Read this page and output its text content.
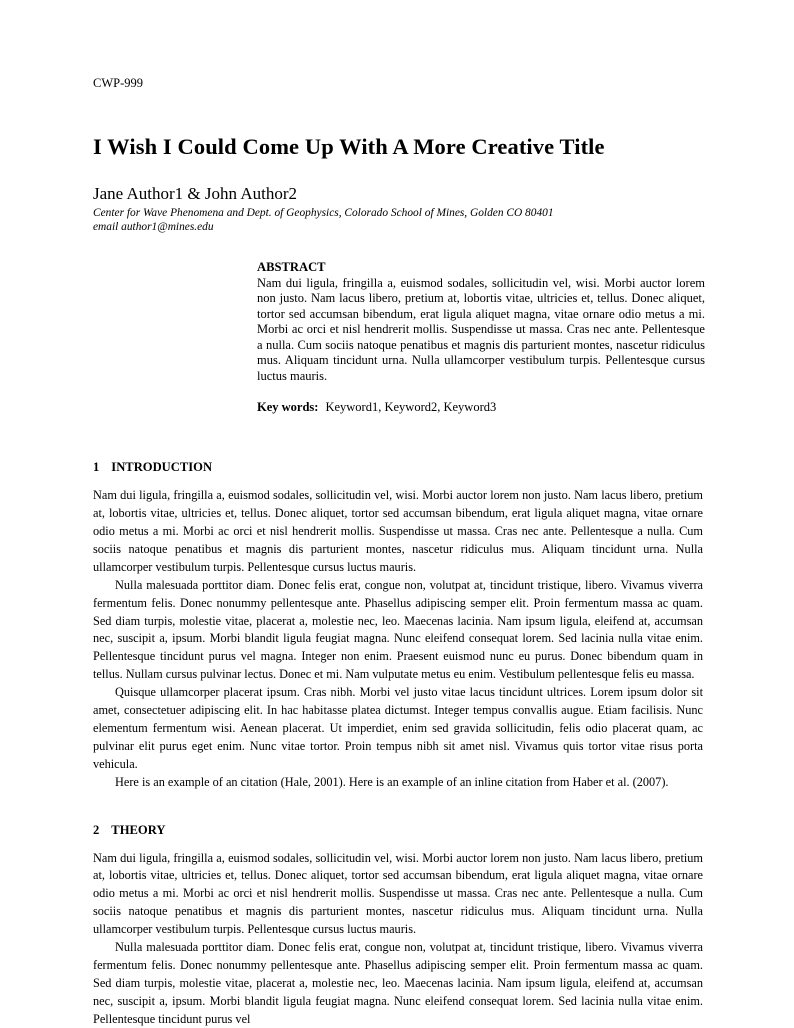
CWP-999
I Wish I Could Come Up With A More Creative Title
Jane Author1 & John Author2
Center for Wave Phenomena and Dept. of Geophysics, Colorado School of Mines, Golden CO 80401
email author1@mines.edu
ABSTRACT

Nam dui ligula, fringilla a, euismod sodales, sollicitudin vel, wisi. Morbi auctor lorem non justo. Nam lacus libero, pretium at, lobortis vitae, ultricies et, tellus. Donec aliquet, tortor sed accumsan bibendum, erat ligula aliquet magna, vitae ornare odio metus a mi. Morbi ac orci et nisl hendrerit mollis. Suspendisse ut massa. Cras nec ante. Pellentesque a nulla. Cum sociis natoque penatibus et magnis dis parturient montes, nascetur ridiculus mus. Aliquam tincidunt urna. Nulla ullamcorper vestibulum turpis. Pellentesque cursus luctus mauris.

Key words: Keyword1, Keyword2, Keyword3
1 INTRODUCTION

Nam dui ligula, fringilla a, euismod sodales, sollicitudin vel, wisi. Morbi auctor lorem non justo. Nam lacus libero, pretium at, lobortis vitae, ultricies et, tellus. Donec aliquet, tortor sed accumsan bibendum, erat ligula aliquet magna, vitae ornare odio metus a mi. Morbi ac orci et nisl hendrerit mollis. Suspendisse ut massa. Cras nec ante. Pellentesque a nulla. Cum sociis natoque penatibus et magnis dis parturient montes, nascetur ridiculus mus. Aliquam tincidunt urna. Nulla ullamcorper vestibulum turpis. Pellentesque cursus luctus mauris.

Nulla malesuada porttitor diam. Donec felis erat, congue non, volutpat at, tincidunt tristique, libero. Vivamus viverra fermentum felis. Donec nonummy pellentesque ante. Phasellus adipiscing semper elit. Proin fermentum massa ac quam. Sed diam turpis, molestie vitae, placerat a, molestie nec, leo. Maecenas lacinia. Nam ipsum ligula, eleifend at, accumsan nec, suscipit a, ipsum. Morbi blandit ligula feugiat magna. Nunc eleifend consequat lorem. Sed lacinia nulla vitae enim. Pellentesque tincidunt purus vel magna. Integer non enim. Praesent euismod nunc eu purus. Donec bibendum quam in tellus. Nullam cursus pulvinar lectus. Donec et mi. Nam vulputate metus eu enim. Vestibulum pellentesque felis eu massa.

Quisque ullamcorper placerat ipsum. Cras nibh. Morbi vel justo vitae lacus tincidunt ultrices. Lorem ipsum dolor sit amet, consectetuer adipiscing elit. In hac habitasse platea dictumst. Integer tempus convallis augue. Etiam facilisis. Nunc elementum fermentum wisi. Aenean placerat. Ut imperdiet, enim sed gravida sollicitudin, felis odio placerat quam, ac pulvinar elit purus eget enim. Nunc vitae tortor. Proin tempus nibh sit amet nisl. Vivamus quis tortor vitae risus porta vehicula.

Here is an example of an citation (Hale, 2001). Here is an example of an inline citation from Haber et al. (2007).

2 THEORY

Nam dui ligula, fringilla a, euismod sodales, sollicitudin vel, wisi. Morbi auctor lorem non justo. Nam lacus libero, pretium at, lobortis vitae, ultricies et, tellus. Donec aliquet, tortor sed accumsan bibendum, erat ligula aliquet magna, vitae ornare odio metus a mi. Morbi ac orci et nisl hendrerit mollis. Suspendisse ut massa. Cras nec ante. Pellentesque a nulla. Cum sociis natoque penatibus et magnis dis parturient montes, nascetur ridiculus mus. Aliquam tincidunt urna. Nulla ullamcorper vestibulum turpis. Pellentesque cursus luctus mauris.

Nulla malesuada porttitor diam. Donec felis erat, congue non, volutpat at, tincidunt tristique, libero. Vivamus viverra fermentum felis. Donec nonummy pellentesque ante. Phasellus adipiscing semper elit. Proin fermentum massa ac quam. Sed diam turpis, molestie vitae, placerat a, molestie nec, leo. Maecenas lacinia. Nam ipsum ligula, eleifend at, accumsan nec, suscipit a, ipsum. Morbi blandit ligula feugiat magna. Nunc eleifend consequat lorem. Sed lacinia nulla vitae enim. Pellentesque tincidunt purus vel
